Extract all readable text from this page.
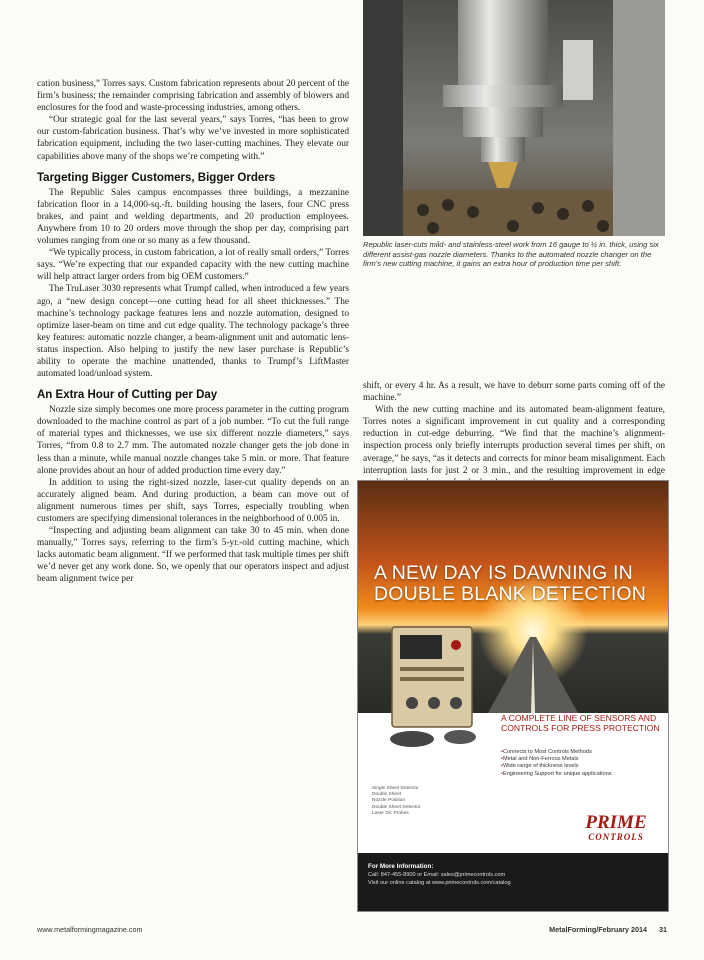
Republic laser-cuts mild- and stainless-steel work from 16 gauge to ½ in. thick, using six different assist-gas nozzle diameters. Thanks to the automated nozzle changer on the firm’s new cutting machine, it gains an extra hour of production time per shift.

cation business,” Torres says. Custom fabrication represents about 20 percent of the firm’s business; the remainder comprising fabrication and assembly of blowers and enclosures for the food and waste-processing industries, among others.

“Our strategic goal for the last several years,” says Torres, “has been to grow our custom-fabrication business. That’s why we’ve invested in more sophisticated fabrication equipment, including the two laser-cutting machines. They elevate our capabilities above many of the shops we’re competing with.”

Targeting Bigger Customers, Bigger Orders

The Republic Sales campus encompasses three buildings, a mezzanine fabrication floor in a 14,000-sq.-ft. building housing the lasers, four CNC press brakes, and paint and welding departments, and 20 production employees. Anywhere from 10 to 20 orders move through the shop per day, comprising part volumes ranging from one or so many as a few thousand.

“We typically process, in custom fabrication, a lot of really small orders,” Torres says. “We’re expecting that our expanded capacity with the new cutting machine will help attract larger orders from big OEM customers.”

The TruLaser 3030 represents what Trumpf called, when introduced a few years ago, a “new design concept—one cutting head for all sheet thicknesses.” The machine’s technology package features lens and nozzle automation, designed to optimize laser-beam on time and cut edge quality. The technology package’s three key features: automatic nozzle changer, a beam-alignment unit and automatic lens-status inspection. Also helping to justify the new laser purchase is Republic’s ability to operate the machine unattended, thanks to Trumpf’s LiftMaster automated load/unload system.

An Extra Hour of Cutting per Day

Nozzle size simply becomes one more process parameter in the cutting program downloaded to the machine control as part of a job number. “To cut the full range of material types and thicknesses, we use six different nozzle diameters,” says Torres, “from 0.8 to 2.7 mm. The automated nozzle changer gets the job done in less than a minute, while manual nozzle changes take 5 min. or more. That feature alone provides about an hour of added production time every day.”

In addition to using the right-sized nozzle, laser-cut quality depends on an accurately aligned beam. And during production, a beam can move out of alignment numerous times per shift, says Torres, especially troubling when customers are specifying dimensional tolerances in the neighborhood of 0.005 in.

“Inspecting and adjusting beam alignment can take 30 to 45 min. when done manually,” Torres says, referring to the firm’s 5-yr.-old cutting machine, which lacks automatic beam alignment. “If we performed that task multiple times per shift we’d never get any work done. So, we openly that our operators inspect and adjust beam alignment twice per

shift, or every 4 hr. As a result, we have to deburr some parts coming off of the machine.”

With the new cutting machine and its automated beam-alignment feature, Torres notes a significant improvement in cut quality and a corresponding reduction in cut-edge deburring. “We find that the machine’s alignment-inspection process only briefly interrupts production several times per shift, on average,” he says, “as it detects and corrects for minor beam misalignment. Each interruption lasts for just 2 or 3 min., and the resulting improvement in edge

A NEW DAY IS DAWNING IN
DOUBLE BLANK DETECTION
A COMPLETE LINE OF SENSORS AND CONTROLS FOR PRESS PROTECTION
• Connects to Most Controls Methods
• Metal and Non-Ferrous Metals
• Wide range of thickness levels
• Engineering Support for unique applications
Single Sheet Detector
Double Sheet
Nozzle Position
Double Sheet Detector
Laser DC Probes	PRIME
CONTROLS
For More Information:
Call: 847-455-8900 or Email: sales@primecontrols.com
Visit our online catalog at www.primecontrols.com/catalog
www.metalformingmagazine.com	MetalForming/February 2014 31
